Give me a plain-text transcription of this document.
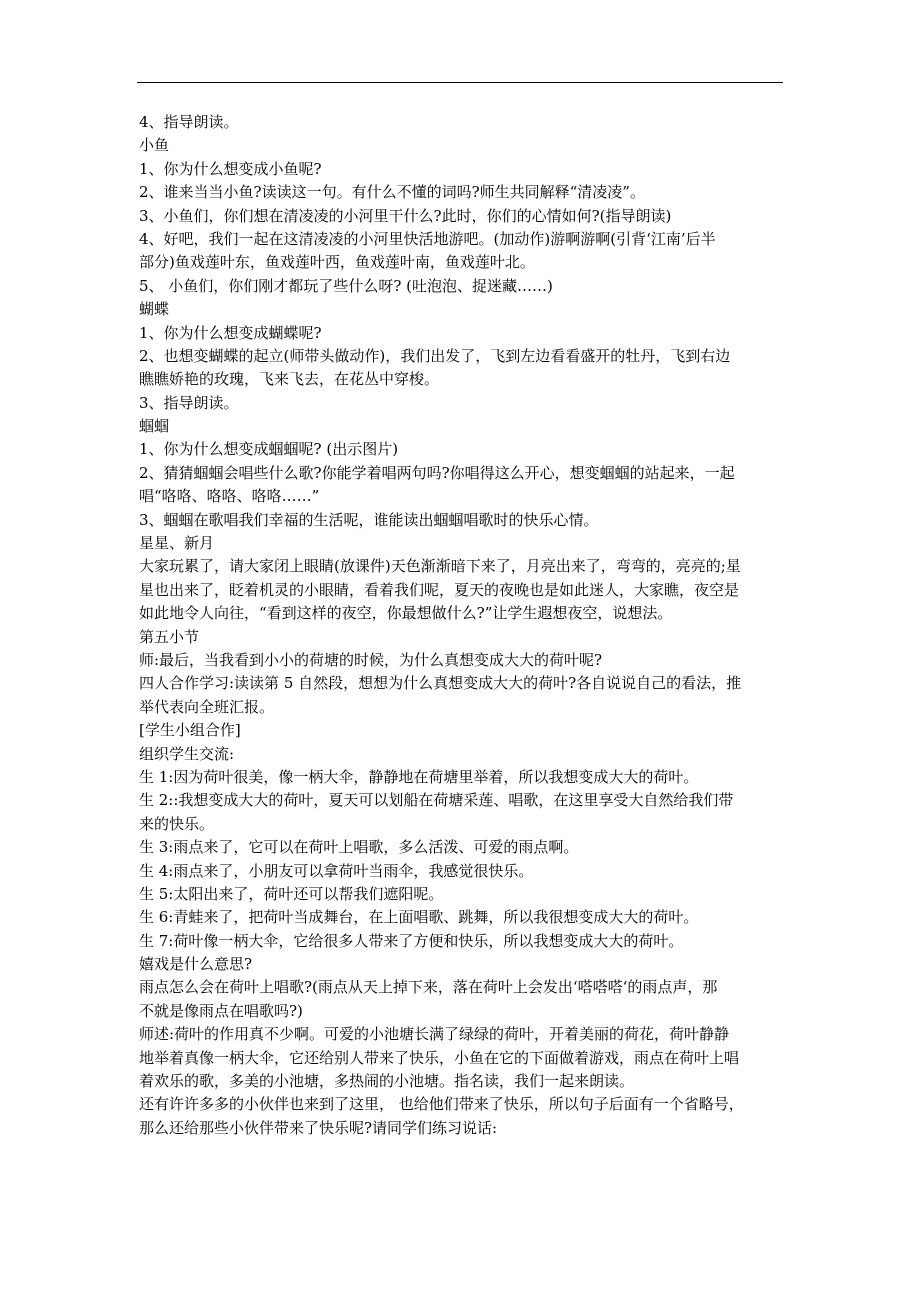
4、指导朗读。
小鱼
1、你为什么想变成小鱼呢?
2、谁来当当小鱼?读读这一句。有什么不懂的词吗?师生共同解释“清凌凌”。
3、小鱼们，你们想在清凌凌的小河里干什么?此时，你们的心情如何?(指导朗读)
4、好吧，我们一起在这清凌凌的小河里快活地游吧。(加动作)游啊游啊(引背‘江南’后半
部分)鱼戏莲叶东，鱼戏莲叶西，鱼戏莲叶南，鱼戏莲叶北。
5、 小鱼们，你们刚才都玩了些什么呀? (吐泡泡、捉迷藏……)
蝴蝶
1、你为什么想变成蝴蝶呢?
2、也想变蝴蝶的起立(师带头做动作)，我们出发了，飞到左边看看盛开的牡丹，飞到右边
瞧瞧娇艳的玫瑰，飞来飞去，在花丛中穿梭。
3、指导朗读。
蝈蝈
1、你为什么想变成蝈蝈呢? (出示图片)
2、猜猜蝈蝈会唱些什么歌?你能学着唱两句吗?你唱得这么开心，想变蝈蝈的站起来，一起
唱“咯咯、咯咯、咯咯……”
3、蝈蝈在歌唱我们幸福的生活呢，谁能读出蝈蝈唱歌时的快乐心情。
星星、新月
大家玩累了，请大家闭上眼睛(放课件)天色渐渐暗下来了，月亮出来了，弯弯的，亮亮的;星
星也出来了，眨着机灵的小眼睛，看着我们呢，夏天的夜晚也是如此迷人，大家瞧，夜空是
如此地令人向往，“看到这样的夜空，你最想做什么?”让学生遐想夜空，说想法。
第五小节
师:最后，当我看到小小的荷塘的时候，为什么真想变成大大的荷叶呢?
四人合作学习:读读第 5 自然段，想想为什么真想变成大大的荷叶?各自说说自己的看法，推
举代表向全班汇报。
[学生小组合作]
组织学生交流:
生 1:因为荷叶很美，像一柄大伞，静静地在荷塘里举着，所以我想变成大大的荷叶。
生 2::我想变成大大的荷叶，夏天可以划船在荷塘采莲、唱歌，在这里享受大自然给我们带
来的快乐。
生 3:雨点来了，它可以在荷叶上唱歌，多么活泼、可爱的雨点啊。
生 4:雨点来了，小朋友可以拿荷叶当雨伞，我感觉很快乐。
生 5:太阳出来了，荷叶还可以帮我们遮阳呢。
生 6:青蛙来了，把荷叶当成舞台，在上面唱歌、跳舞，所以我很想变成大大的荷叶。
生 7:荷叶像一柄大伞，它给很多人带来了方便和快乐，所以我想变成大大的荷叶。
嬉戏是什么意思?
雨点怎么会在荷叶上唱歌?(雨点从天上掉下来，落在荷叶上会发出‘嗒嗒嗒‘的雨点声，那
不就是像雨点在唱歌吗?)
师述:荷叶的作用真不少啊。可爱的小池塘长满了绿绿的荷叶，开着美丽的荷花，荷叶静静
地举着真像一柄大伞，它还给别人带来了快乐，小鱼在它的下面做着游戏，雨点在荷叶上唱
着欢乐的歌，多美的小池塘，多热闹的小池塘。指名读，我们一起来朗读。
还有许许多多的小伙伴也来到了这里， 也给他们带来了快乐，所以句子后面有一个省略号，
那么还给那些小伙伴带来了快乐呢?请同学们练习说话:
